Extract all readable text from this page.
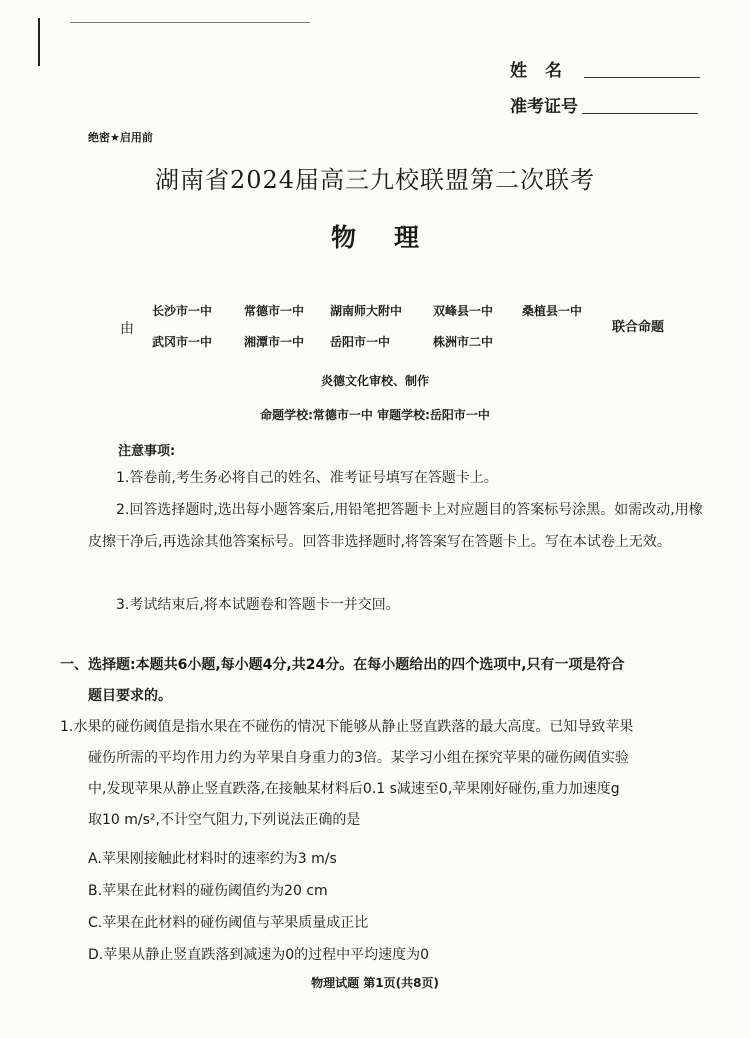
姓名
准考证号
绝密★启用前
湖南省2024届高三九校联盟第二次联考
物理
由
长沙市一中	常德市一中 湖南师大附中	双峰县一中 桑植县一中
武冈市一中	湘潭市一中 岳阳市一中	株洲市二中
联合命题
炎德文化审校、制作
命题学校:常德市一中 审题学校:岳阳市一中
注意事项:
1.答卷前,考生务必将自己的姓名、准考证号填写在答题卡上。
2.回答选择题时,选出每小题答案后,用铅笔把答题卡上对应题目的答案标号涂黑。如需改动,用橡皮擦干净后,再选涂其他答案标号。回答非选择题时,将答案写在答题卡上。写在本试卷上无效。
3.考试结束后,将本试题卷和答题卡一并交回。
一、选择题:本题共6小题,每小题4分,共24分。在每小题给出的四个选项中,只有一项是符合
题目要求的。
1.水果的碰伤阈值是指水果在不碰伤的情况下能够从静止竖直跌落的最大高度。已知导致苹果
碰伤所需的平均作用力约为苹果自身重力的3倍。某学习小组在探究苹果的碰伤阈值实验
中,发现苹果从静止竖直跌落,在接触某材料后0.1 s减速至0,苹果刚好碰伤,重力加速度g
取10 m/s²,不计空气阻力,下列说法正确的是
A.苹果刚接触此材料时的速率约为3 m/s
B.苹果在此材料的碰伤阈值约为20 cm
C.苹果在此材料的碰伤阈值与苹果质量成正比
D.苹果从静止竖直跌落到减速为0的过程中平均速度为0
物理试题 第1页(共8页)
